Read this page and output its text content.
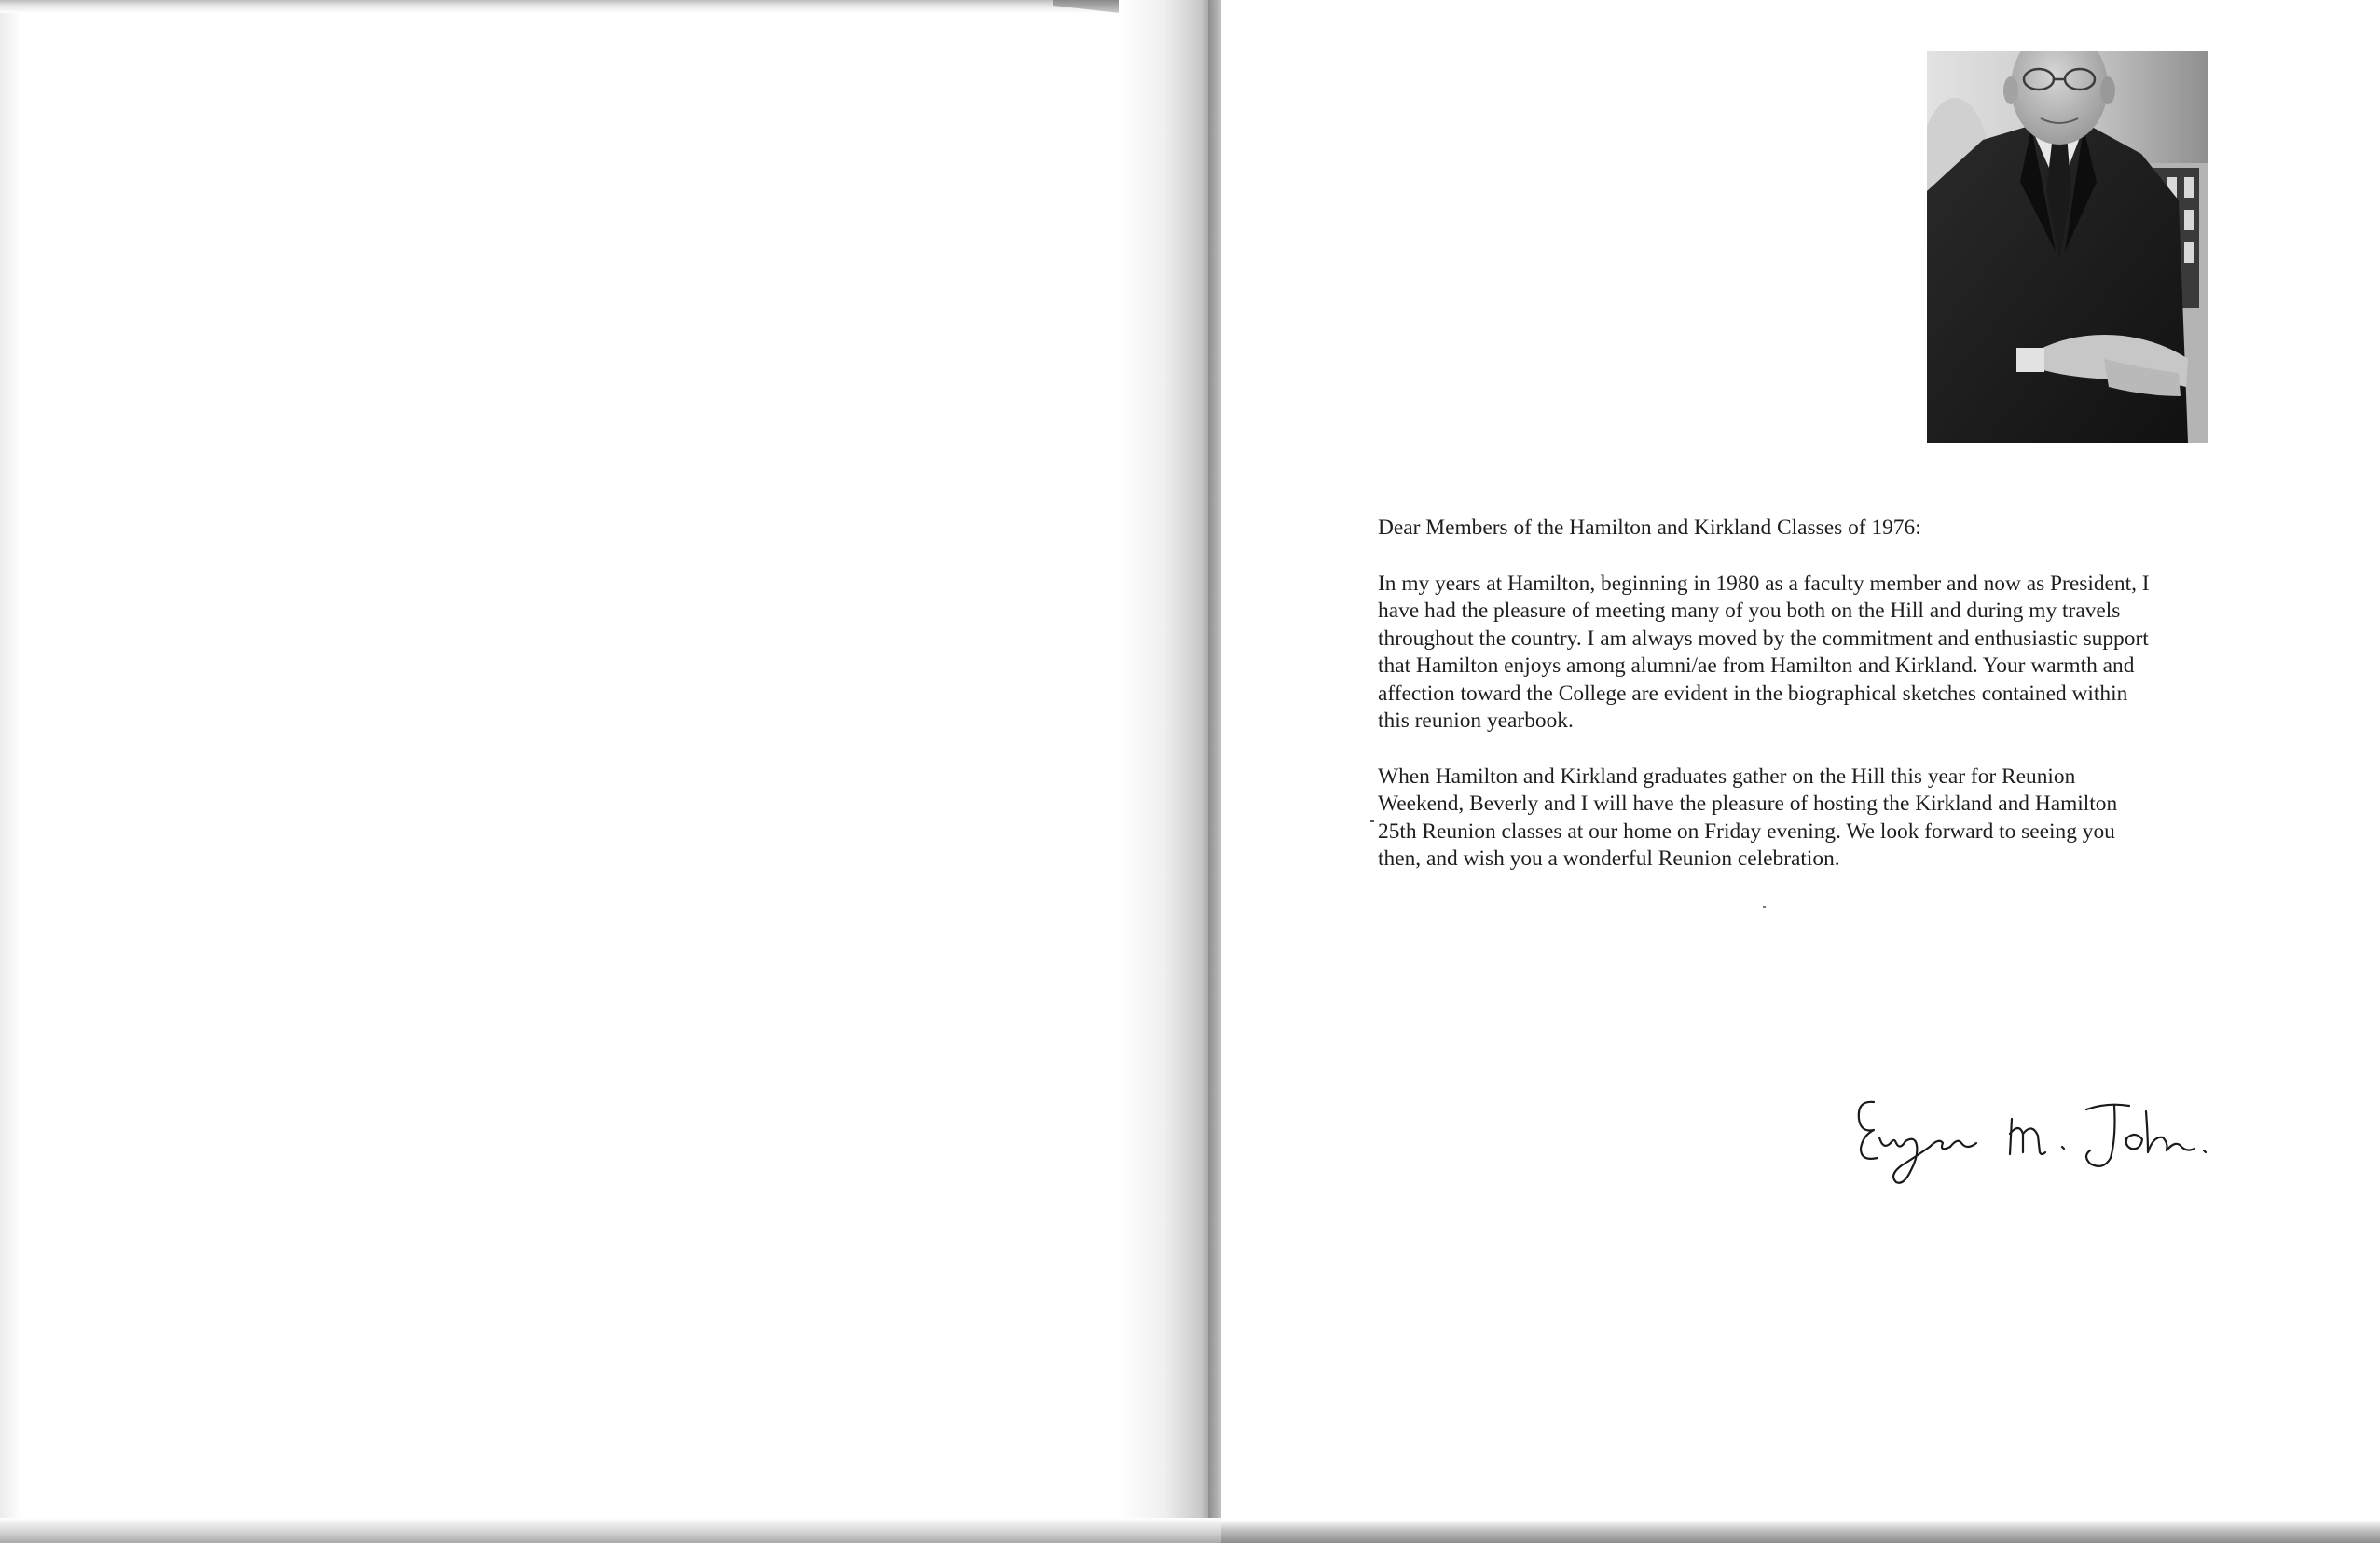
Dear Members of the Hamilton and Kirkland Classes of 1976:

In my years at Hamilton, beginning in 1980 as a faculty member and now as President, I
have had the pleasure of meeting many of you both on the Hill and during my travels
throughout the country. I am always moved by the commitment and enthusiastic support
that Hamilton enjoys among alumni/ae from Hamilton and Kirkland. Your warmth and
affection toward the College are evident in the biographical sketches contained within
this reunion yearbook.

When Hamilton and Kirkland graduates gather on the Hill this year for Reunion
Weekend, Beverly and I will have the pleasure of hosting the Kirkland and Hamilton
25th Reunion classes at our home on Friday evening. We look forward to seeing you
then, and wish you a wonderful Reunion celebration.
